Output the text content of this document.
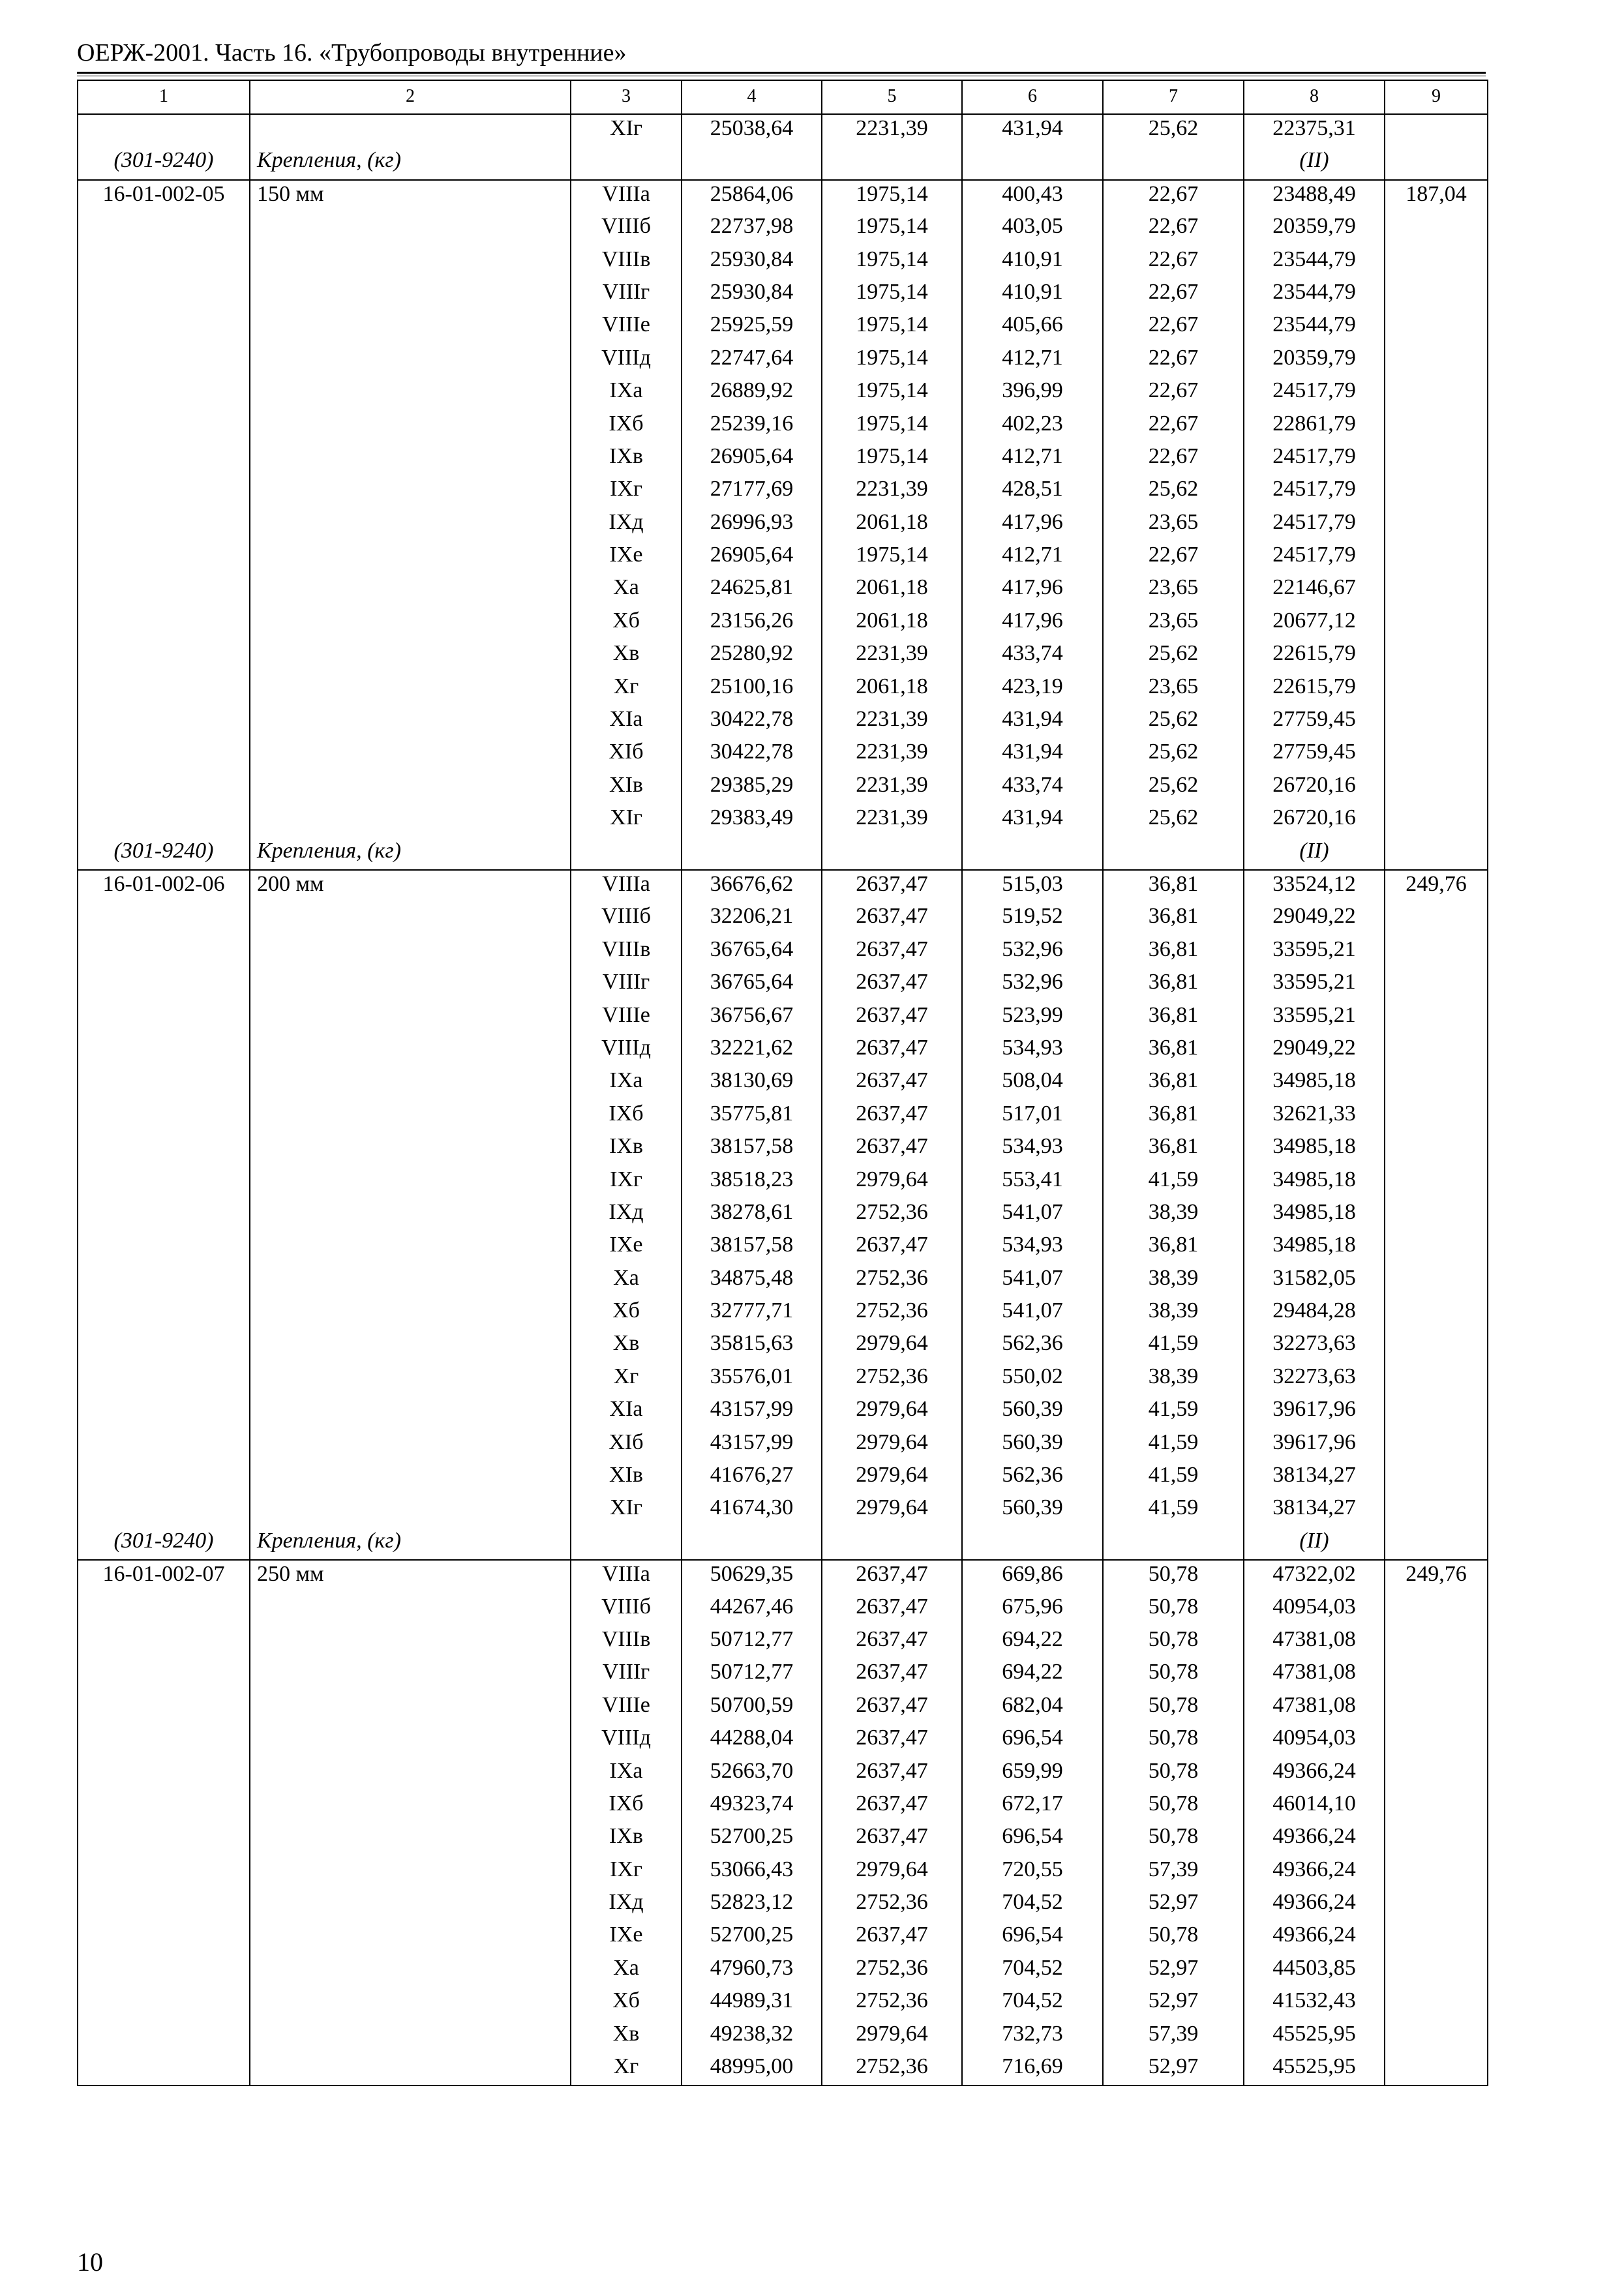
ОЕРЖ-2001. Часть 16. «Трубопроводы внутренние»
1	2	3	4	5	6	7	8	9
		XIг	25038,64	2231,39	431,94	25,62	22375,31	
(301-9240)	Крепления, (кг)						(II)	
16-01-002-05	150 мм	VIIIа	25864,06	1975,14	400,43	22,67	23488,49	187,04
		VIIIб	22737,98	1975,14	403,05	22,67	20359,79	
		VIIIв	25930,84	1975,14	410,91	22,67	23544,79	
		VIIIг	25930,84	1975,14	410,91	22,67	23544,79	
		VIIIе	25925,59	1975,14	405,66	22,67	23544,79	
		VIIIд	22747,64	1975,14	412,71	22,67	20359,79	
		IXа	26889,92	1975,14	396,99	22,67	24517,79	
		IXб	25239,16	1975,14	402,23	22,67	22861,79	
		IXв	26905,64	1975,14	412,71	22,67	24517,79	
		IXг	27177,69	2231,39	428,51	25,62	24517,79	
		IXд	26996,93	2061,18	417,96	23,65	24517,79	
		IXе	26905,64	1975,14	412,71	22,67	24517,79	
		Xа	24625,81	2061,18	417,96	23,65	22146,67	
		Xб	23156,26	2061,18	417,96	23,65	20677,12	
		Xв	25280,92	2231,39	433,74	25,62	22615,79	
		Xг	25100,16	2061,18	423,19	23,65	22615,79	
		XIа	30422,78	2231,39	431,94	25,62	27759,45	
		XIб	30422,78	2231,39	431,94	25,62	27759,45	
		XIв	29385,29	2231,39	433,74	25,62	26720,16	
		XIг	29383,49	2231,39	431,94	25,62	26720,16	
(301-9240)	Крепления, (кг)						(II)	
16-01-002-06	200 мм	VIIIа	36676,62	2637,47	515,03	36,81	33524,12	249,76
		VIIIб	32206,21	2637,47	519,52	36,81	29049,22	
		VIIIв	36765,64	2637,47	532,96	36,81	33595,21	
		VIIIг	36765,64	2637,47	532,96	36,81	33595,21	
		VIIIе	36756,67	2637,47	523,99	36,81	33595,21	
		VIIIд	32221,62	2637,47	534,93	36,81	29049,22	
		IXа	38130,69	2637,47	508,04	36,81	34985,18	
		IXб	35775,81	2637,47	517,01	36,81	32621,33	
		IXв	38157,58	2637,47	534,93	36,81	34985,18	
		IXг	38518,23	2979,64	553,41	41,59	34985,18	
		IXд	38278,61	2752,36	541,07	38,39	34985,18	
		IXе	38157,58	2637,47	534,93	36,81	34985,18	
		Xа	34875,48	2752,36	541,07	38,39	31582,05	
		Xб	32777,71	2752,36	541,07	38,39	29484,28	
		Xв	35815,63	2979,64	562,36	41,59	32273,63	
		Xг	35576,01	2752,36	550,02	38,39	32273,63	
		XIа	43157,99	2979,64	560,39	41,59	39617,96	
		XIб	43157,99	2979,64	560,39	41,59	39617,96	
		XIв	41676,27	2979,64	562,36	41,59	38134,27	
		XIг	41674,30	2979,64	560,39	41,59	38134,27	
(301-9240)	Крепления, (кг)						(II)	
16-01-002-07	250 мм	VIIIа	50629,35	2637,47	669,86	50,78	47322,02	249,76
		VIIIб	44267,46	2637,47	675,96	50,78	40954,03	
		VIIIв	50712,77	2637,47	694,22	50,78	47381,08	
		VIIIг	50712,77	2637,47	694,22	50,78	47381,08	
		VIIIе	50700,59	2637,47	682,04	50,78	47381,08	
		VIIIд	44288,04	2637,47	696,54	50,78	40954,03	
		IXа	52663,70	2637,47	659,99	50,78	49366,24	
		IXб	49323,74	2637,47	672,17	50,78	46014,10	
		IXв	52700,25	2637,47	696,54	50,78	49366,24	
		IXг	53066,43	2979,64	720,55	57,39	49366,24	
		IXд	52823,12	2752,36	704,52	52,97	49366,24	
		IXе	52700,25	2637,47	696,54	50,78	49366,24	
		Xа	47960,73	2752,36	704,52	52,97	44503,85	
		Xб	44989,31	2752,36	704,52	52,97	41532,43	
		Xв	49238,32	2979,64	732,73	57,39	45525,95	
		Xг	48995,00	2752,36	716,69	52,97	45525,95	
10
